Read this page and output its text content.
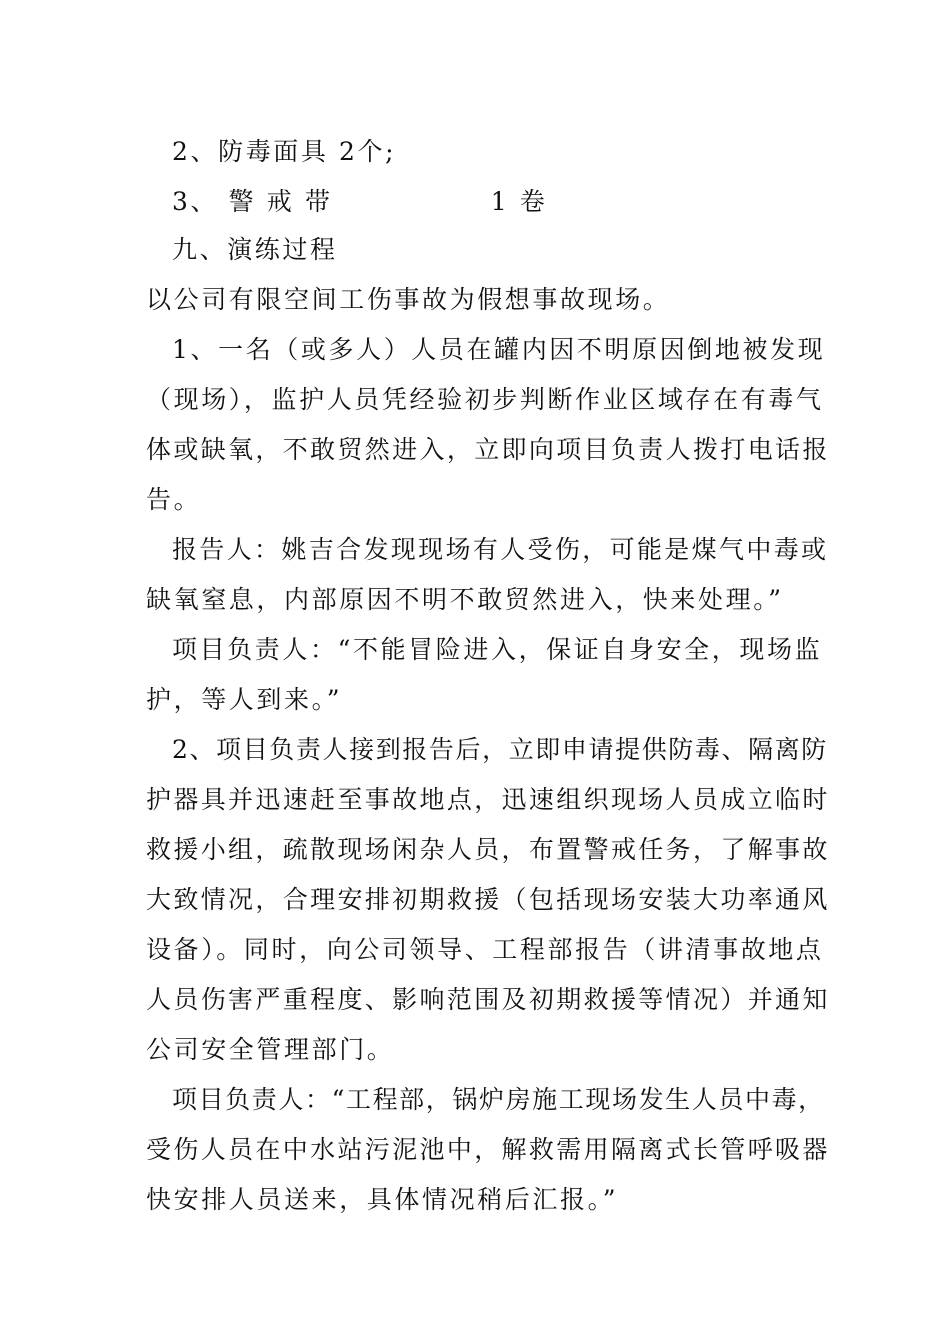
2、防毒面具 2个;
3、 警 戒 带               1 卷
九、演练过程
以公司有限空间工伤事故为假想事故现场。
1、一名（或多人）人员在罐内因不明原因倒地被发现
（现场），监护人员凭经验初步判断作业区域存在有毒气
体或缺氧，不敢贸然进入，立即向项目负责人拨打电话报
告。
报告人：姚吉合发现现场有人受伤，可能是煤气中毒或
缺氧窒息，内部原因不明不敢贸然进入，快来处理。”
项目负责人：“不能冒险进入，保证自身安全，现场监
护，等人到来。”
2、项目负责人接到报告后，立即申请提供防毒、隔离防
护器具并迅速赶至事故地点，迅速组织现场人员成立临时
救援小组，疏散现场闲杂人员，布置警戒任务，了解事故
大致情况，合理安排初期救援（包括现场安装大功率通风
设备）。同时，向公司领导、工程部报告（讲清事故地点
人员伤害严重程度、影响范围及初期救援等情况）并通知
公司安全管理部门。
项目负责人：“工程部，锅炉房施工现场发生人员中毒，
受伤人员在中水站污泥池中，解救需用隔离式长管呼吸器
快安排人员送来，具体情况稍后汇报。”
